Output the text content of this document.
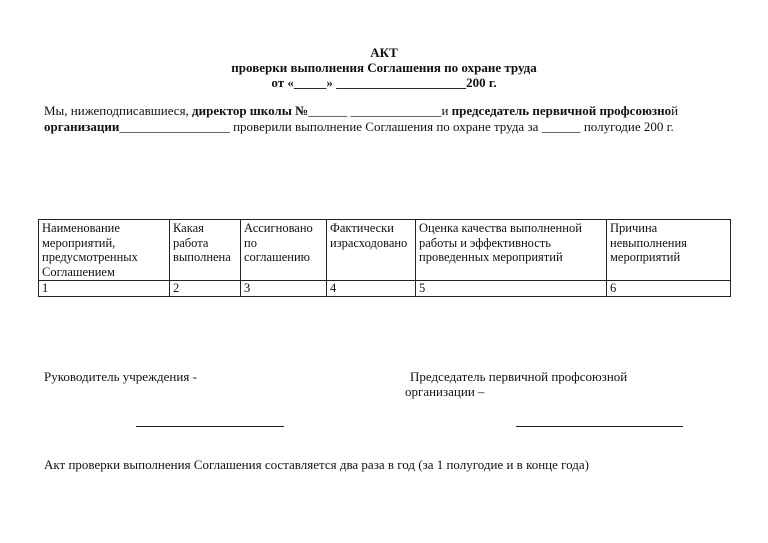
АКТ
проверки выполнения Соглашения по охране труда
от «_____» ____________________200 г.
Мы, нижеподписавшиеся, директор школы №______ ______________и председатель первичной профсоюзной
организации_________________ проверили выполнение Соглашения по охране труда за ______ полугодие 200 г.
Наименование мероприятий, предусмотренных Соглашением	Какая работа выполнена	Ассигновано по соглашению	Фактически израсходовано	Оценка качества выполненной работы и эффективность проведенных мероприятий	Причина невыполнения мероприятий
1	2	3	4	5	6
Руководитель учреждения -	Председатель первичной профсоюзной
организации –
Акт проверки выполнения Соглашения составляется два раза в год (за 1 полугодие и в конце года)
